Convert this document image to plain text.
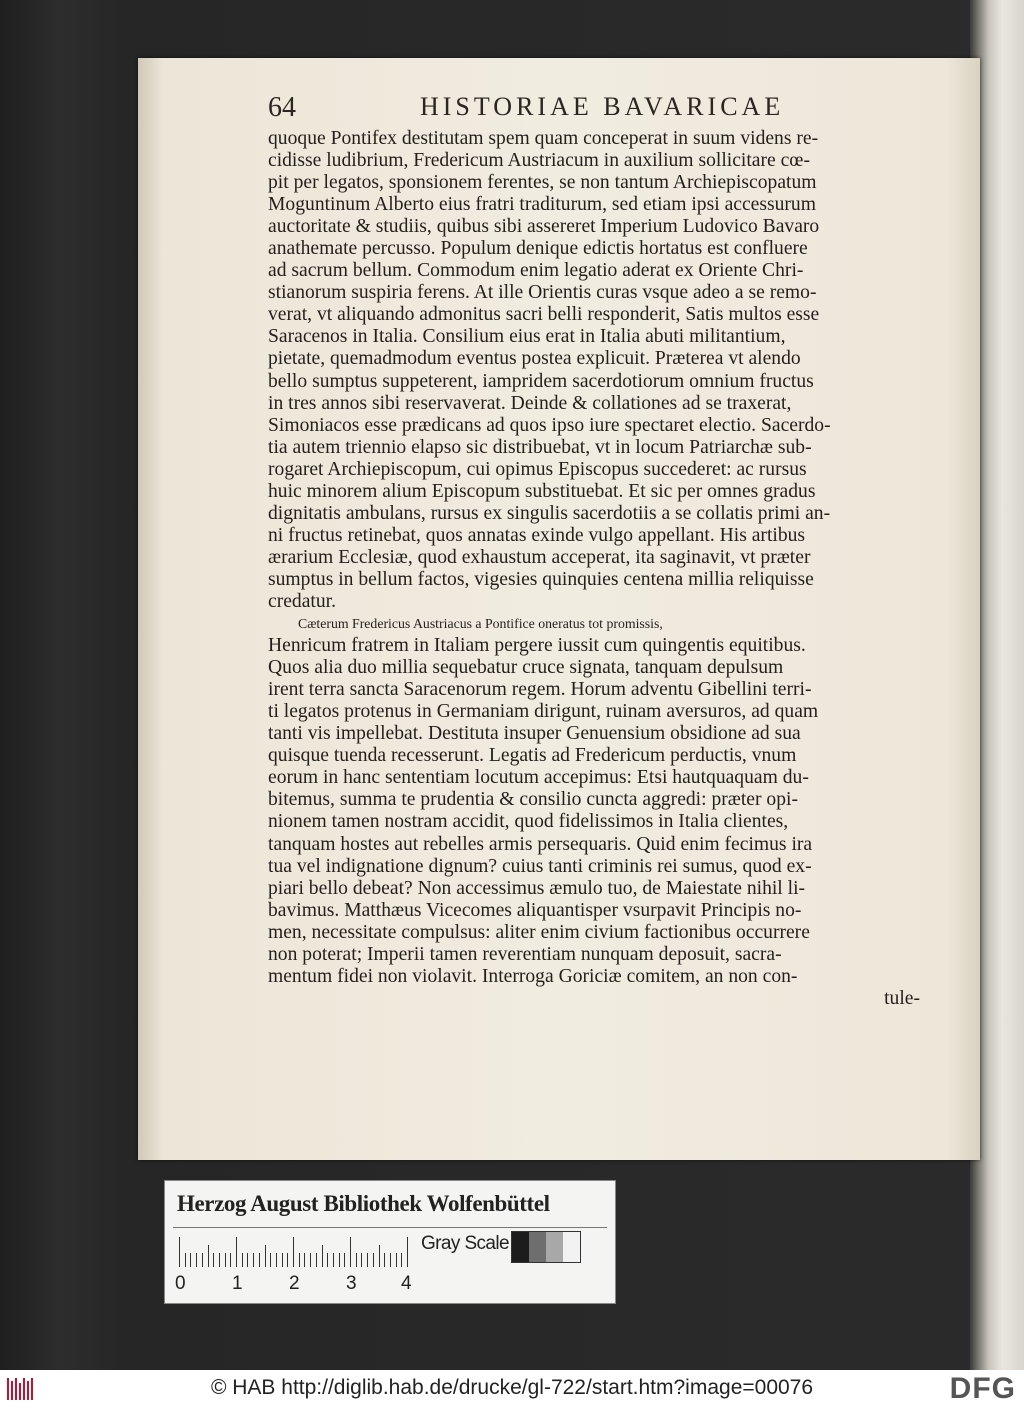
64	HISTORIAE BAVARICAE
quoque Pontifex destitutam spem quam conceperat in suum videns re-
cidisse ludibrium, Fredericum Austriacum in auxilium sollicitare cœ-
pit per legatos, sponsionem ferentes, se non tantum Archiepiscopatum
Moguntinum Alberto eius fratri traditurum, sed etiam ipsi accessurum
auctoritate & studiis, quibus sibi assereret Imperium Ludovico Bavaro
anathemate percusso. Populum denique edictis hortatus est confluere
ad sacrum bellum. Commodum enim legatio aderat ex Oriente Chri-
stianorum suspiria ferens. At ille Orientis curas vsque adeo a se remo-
verat, vt aliquando admonitus sacri belli responderit, Satis multos esse
Saracenos in Italia. Consilium eius erat in Italia abuti militantium,
pietate, quemadmodum eventus postea explicuit. Præterea vt alendo
bello sumptus suppeterent, iampridem sacerdotiorum omnium fructus
in tres annos sibi reservaverat. Deinde & collationes ad se traxerat,
Simoniacos esse prædicans ad quos ipso iure spectaret electio. Sacerdo-
tia autem triennio elapso sic distribuebat, vt in locum Patriarchæ sub-
rogaret Archiepiscopum, cui opimus Episcopus succederet: ac rursus
huic minorem alium Episcopum substituebat. Et sic per omnes gradus
dignitatis ambulans, rursus ex singulis sacerdotiis a se collatis primi an-
ni fructus retinebat, quos annatas exinde vulgo appellant. His artibus
ærarium Ecclesiæ, quod exhaustum acceperat, ita saginavit, vt præter
sumptus in bellum factos, vigesies quinquies centena millia reliquisse
credatur.
Cæterum Fredericus Austriacus a Pontifice oneratus tot promissis,
Henricum fratrem in Italiam pergere iussit cum quingentis equitibus.
Quos alia duo millia sequebatur cruce signata, tanquam depulsum
irent terra sancta Saracenorum regem. Horum adventu Gibellini terri-
ti legatos protenus in Germaniam dirigunt, ruinam aversuros, ad quam
tanti vis impellebat. Destituta insuper Genuensium obsidione ad sua
quisque tuenda recesserunt. Legatis ad Fredericum perductis, vnum
eorum in hanc sententiam locutum accepimus: Etsi hautquaquam du-
bitemus, summa te prudentia & consilio cuncta aggredi: præter opi-
nionem tamen nostram accidit, quod fidelissimos in Italia clientes,
tanquam hostes aut rebelles armis persequaris. Quid enim fecimus ira
tua vel indignatione dignum? cuius tanti criminis rei sumus, quod ex-
piari bello debeat? Non accessimus æmulo tuo, de Maiestate nihil li-
bavimus. Matthæus Vicecomes aliquantisper vsurpavit Principis no-
men, necessitate compulsus: aliter enim civium factionibus occurrere
non poterat; Imperii tamen reverentiam nunquam deposuit, sacra-
mentum fidei non violavit. Interroga Goriciæ comitem, an non con-
tule-
Herzog August Bibliothek Wolfenbüttel
0 1 2 3 4
Gray Scale
© HAB http://diglib.hab.de/drucke/gl-722/start.htm?image=00076	DFG
